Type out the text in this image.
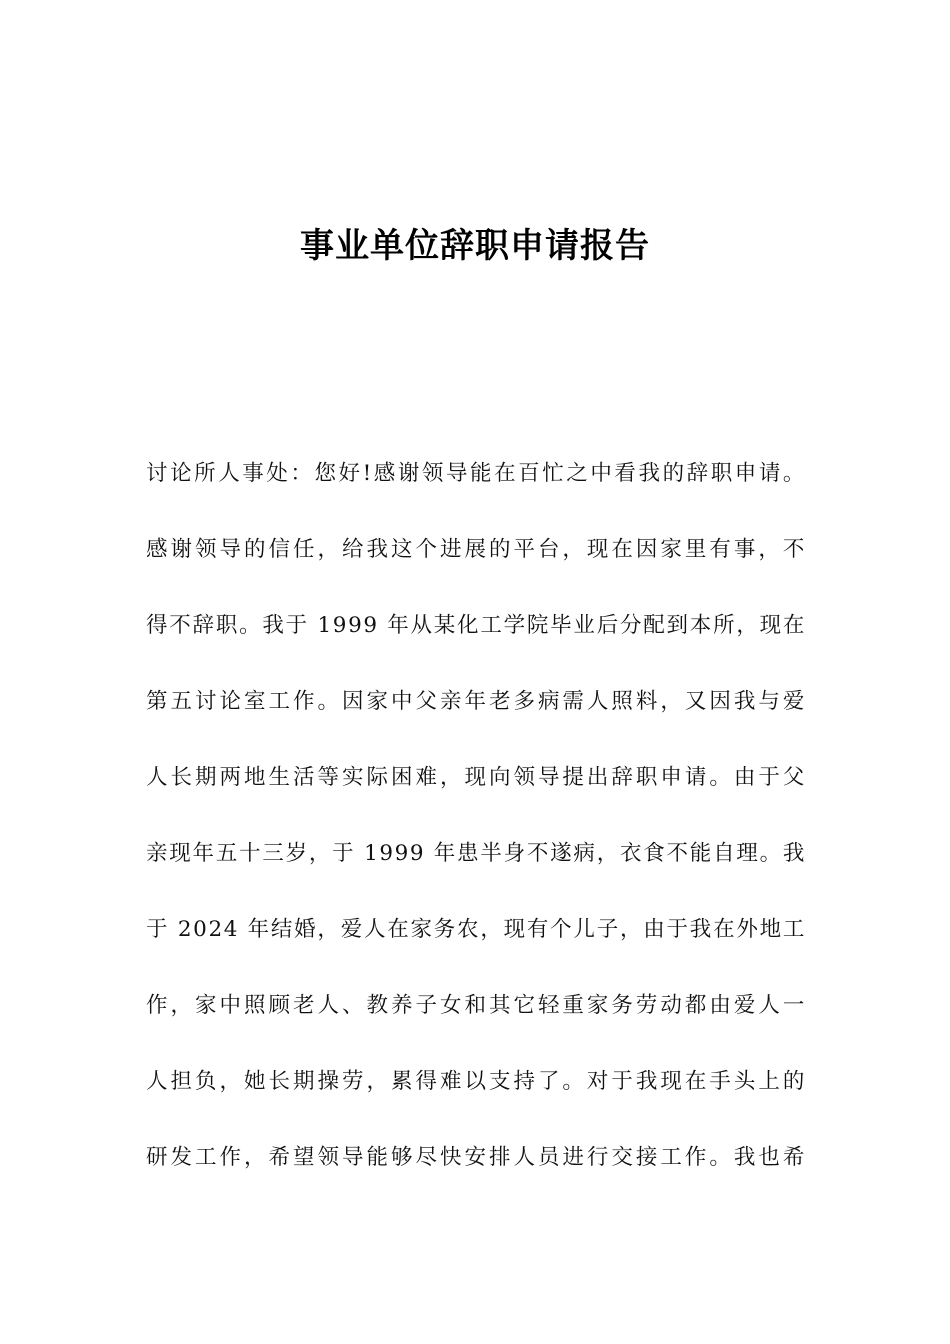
事业单位辞职申请报告
讨论所人事处：您好!感谢领导能在百忙之中看我的辞职申请。
感谢领导的信任，给我这个进展的平台，现在因家里有事，不
得不辞职。我于 1999 年从某化工学院毕业后分配到本所，现在
第五讨论室工作。因家中父亲年老多病需人照料，又因我与爱
人长期两地生活等实际困难，现向领导提出辞职申请。由于父
亲现年五十三岁，于 1999 年患半身不遂病，衣食不能自理。我
于 2024 年结婚，爱人在家务农，现有个儿子，由于我在外地工
作，家中照顾老人、教养子女和其它轻重家务劳动都由爱人一
人担负，她长期操劳，累得难以支持了。对于我现在手头上的
研发工作，希望领导能够尽快安排人员进行交接工作。我也希
